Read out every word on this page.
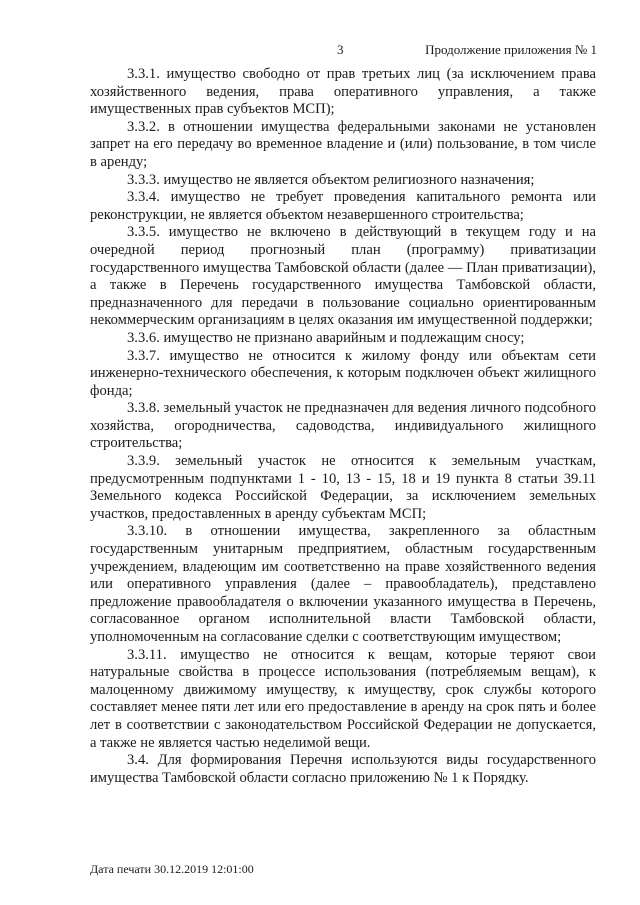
3	Продолжение приложения № 1

3.3.1. имущество свободно от прав третьих лиц (за исключением права хозяйственного ведения, права оперативного управления, а также имущественных прав субъектов МСП);

3.3.2. в отношении имущества федеральными законами не установлен запрет на его передачу во временное владение и (или) пользование, в том числе в аренду;

3.3.3. имущество не является объектом религиозного назначения;

3.3.4. имущество не требует проведения капитального ремонта или реконструкции, не является объектом незавершенного строительства;

3.3.5. имущество не включено в действующий в текущем году и на очередной период прогнозный план (программу) приватизации государственного имущества Тамбовской области (далее — План приватизации), а также в Перечень государственного имущества Тамбовской области, предназначенного для передачи в пользование социально ориентированным некоммерческим организациям в целях оказания им имущественной поддержки;

3.3.6. имущество не признано аварийным и подлежащим сносу;

3.3.7. имущество не относится к жилому фонду или объектам сети инженерно-технического обеспечения, к которым подключен объект жилищного фонда;

3.3.8. земельный участок не предназначен для ведения личного подсобного хозяйства, огородничества, садоводства, индивидуального жилищного строительства;

3.3.9. земельный участок не относится к земельным участкам, предусмотренным подпунктами 1 - 10, 13 - 15, 18 и 19 пункта 8 статьи 39.11 Земельного кодекса Российской Федерации, за исключением земельных участков, предоставленных в аренду субъектам МСП;

3.3.10. в отношении имущества, закрепленного за областным государственным унитарным предприятием, областным государственным учреждением, владеющим им соответственно на праве хозяйственного ведения или оперативного управления (далее – правообладатель), представлено предложение правообладателя о включении указанного имущества в Перечень, согласованное органом исполнительной власти Тамбовской области, уполномоченным на согласование сделки с соответствующим имуществом;

3.3.11. имущество не относится к вещам, которые теряют свои натуральные свойства в процессе использования (потребляемым вещам), к малоценному движимому имуществу, к имуществу, срок службы которого составляет менее пяти лет или его предоставление в аренду на срок пять и более лет в соответствии с законодательством Российской Федерации не допускается, а также не является частью неделимой вещи.

3.4. Для формирования Перечня используются виды государственного имущества Тамбовской области согласно приложению № 1 к Порядку.

Дата печати 30.12.2019 12:01:00
